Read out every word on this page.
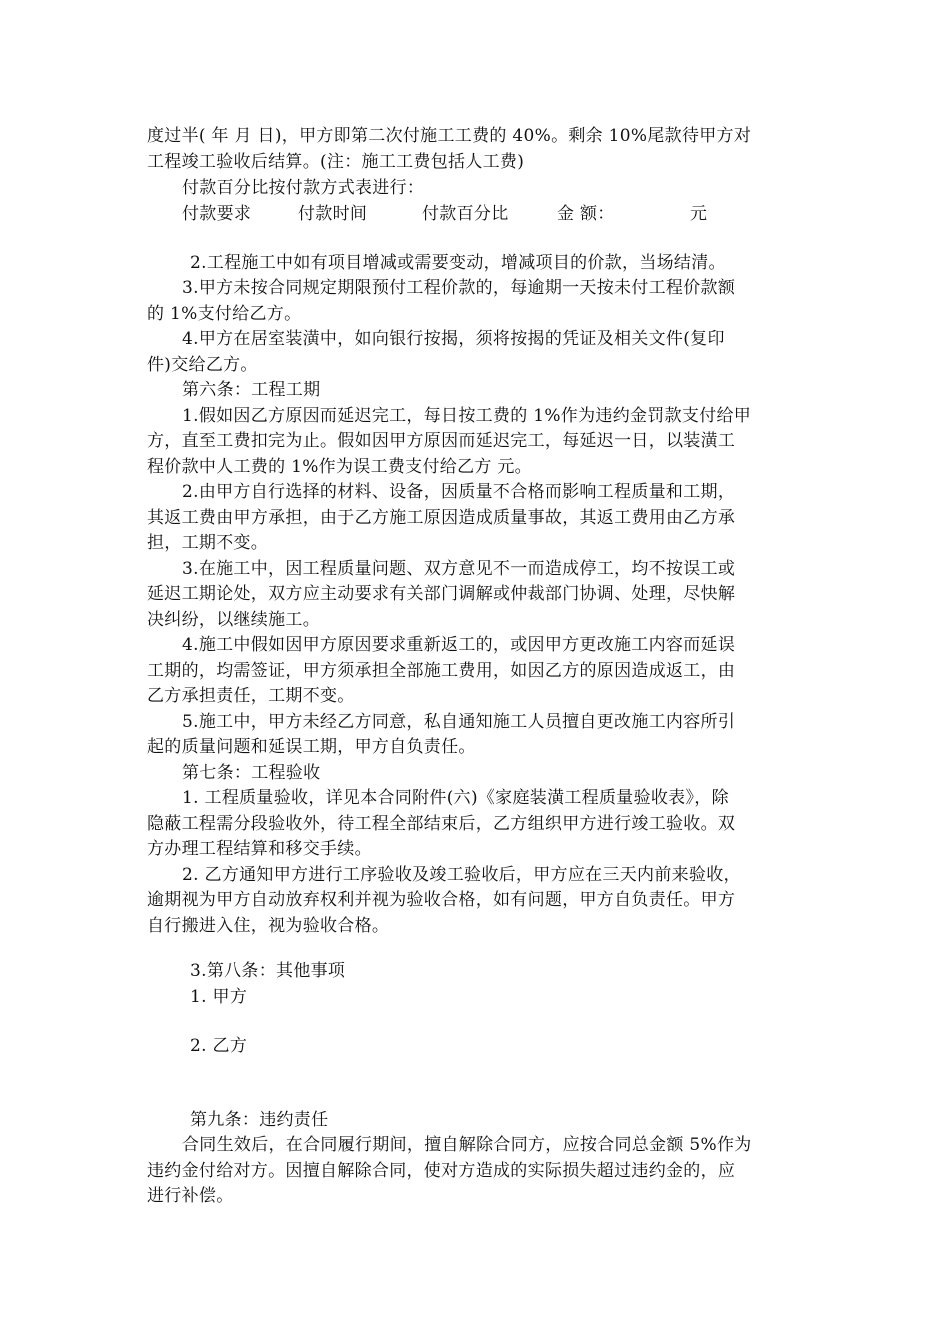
度过半( 年 月 日)，甲方即第二次付施工工费的 40%。剩余 10%尾款待甲方对
工程竣工验收后结算。(注：施工工费包括人工费)
付款百分比按付款方式表进行：
付款要求	付款时间	付款百分比	金 额：	元
2.工程施工中如有项目增减或需要变动，增减项目的价款，当场结清。
3.甲方未按合同规定期限预付工程价款的，每逾期一天按未付工程价款额
的 1%支付给乙方。
4.甲方在居室装潢中，如向银行按揭，须将按揭的凭证及相关文件(复印
件)交给乙方。
第六条：工程工期
1.假如因乙方原因而延迟完工，每日按工费的 1%作为违约金罚款支付给甲
方，直至工费扣完为止。假如因甲方原因而延迟完工，每延迟一日，以装潢工
程价款中人工费的 1%作为误工费支付给乙方 元。
2.由甲方自行选择的材料、设备，因质量不合格而影响工程质量和工期，
其返工费由甲方承担，由于乙方施工原因造成质量事故，其返工费用由乙方承
担，工期不变。
3.在施工中，因工程质量问题、双方意见不一而造成停工，均不按误工或
延迟工期论处，双方应主动要求有关部门调解或仲裁部门协调、处理，尽快解
决纠纷，以继续施工。
4.施工中假如因甲方原因要求重新返工的，或因甲方更改施工内容而延误
工期的，均需签证，甲方须承担全部施工费用，如因乙方的原因造成返工，由
乙方承担责任，工期不变。
5.施工中，甲方未经乙方同意，私自通知施工人员擅自更改施工内容所引
起的质量问题和延误工期，甲方自负责任。
第七条：工程验收
1. 工程质量验收，详见本合同附件(六)《家庭装潢工程质量验收表》，除
隐蔽工程需分段验收外，待工程全部结束后，乙方组织甲方进行竣工验收。双
方办理工程结算和移交手续。
2. 乙方通知甲方进行工序验收及竣工验收后，甲方应在三天内前来验收，
逾期视为甲方自动放弃权利并视为验收合格，如有问题，甲方自负责任。甲方
自行搬进入住，视为验收合格。
3.第八条：其他事项
1. 甲方
2. 乙方
第九条：违约责任
合同生效后，在合同履行期间，擅自解除合同方，应按合同总金额 5%作为
违约金付给对方。因擅自解除合同，使对方造成的实际损失超过违约金的，应
进行补偿。
